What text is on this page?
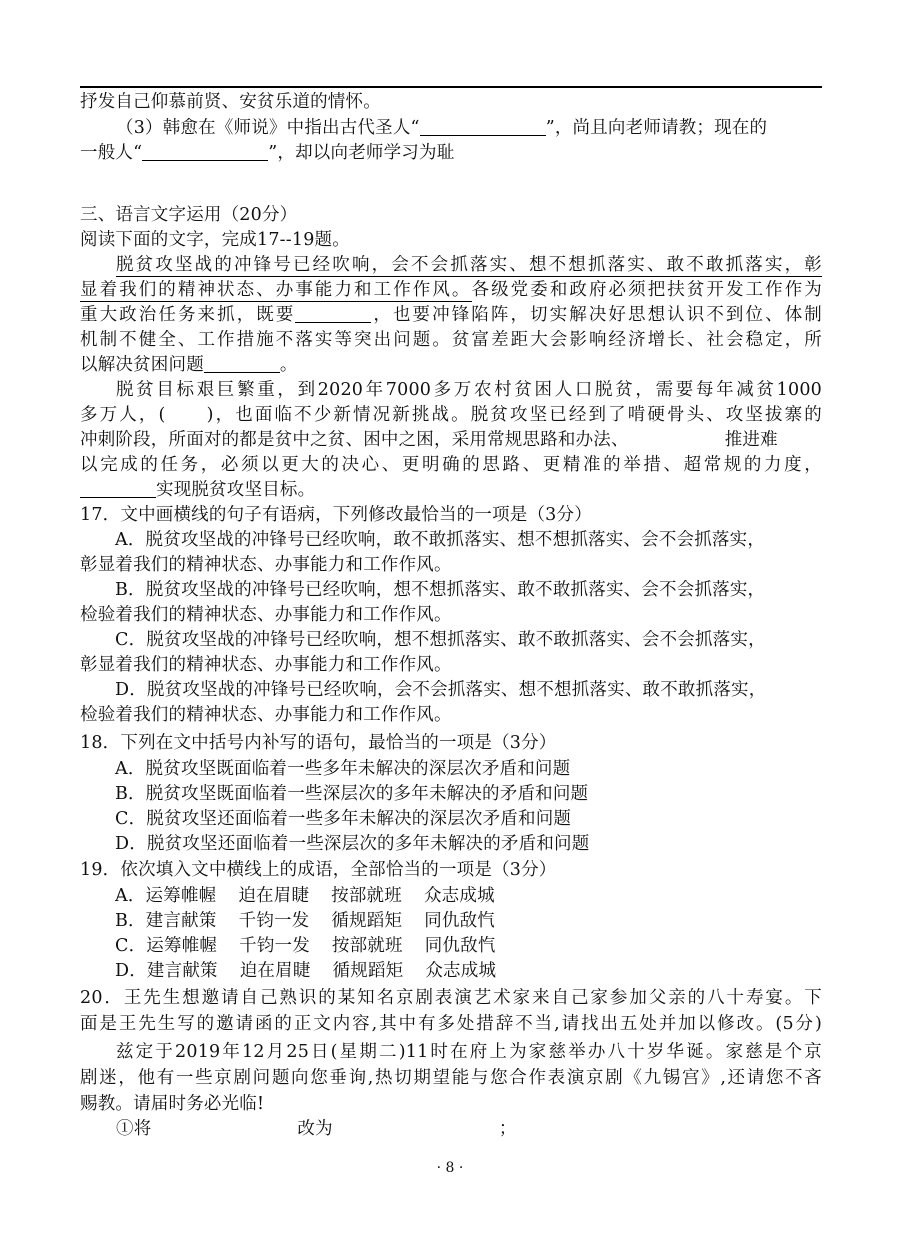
抒发自己仰慕前贤、安贫乐道的情怀。
（3）韩愈在《师说》中指出古代圣人“	”，尚且向老师请教；现在的
一般人“	”，却以向老师学习为耻
三、语言文字运用（20分）
阅读下面的文字，完成17--19题。
脱贫攻坚战的冲锋号已经吹响，会不会抓落实、想不想抓落实、敢不敢抓落实，彰
显着我们的精神状态、办事能力和工作作风。各级党委和政府必须把扶贫开发工作作为
重大政治任务来抓，既要	，也要冲锋陷阵，切实解决好思想认识不到位、体制
机制不健全、工作措施不落实等突出问题。贫富差距大会影响经济增长、社会稳定，所
以解决贫困问题	。
脱贫目标艰巨繁重，到2020年7000多万农村贫困人口脱贫，需要每年减贫1000
多万人，(　　)，也面临不少新情况新挑战。脱贫攻坚已经到了啃硬骨头、攻坚拔寨的
冲刺阶段，所面对的都是贫中之贫、困中之困，采用常规思路和办法、	推进难
以完成的任务，必须以更大的决心、更明确的思路、更精准的举措、超常规的力度，
实现脱贫攻坚目标。
17．文中画横线的句子有语病，下列修改最恰当的一项是（3分）
A．脱贫攻坚战的冲锋号已经吹响，敢不敢抓落实、想不想抓落实、会不会抓落实，
彰显着我们的精神状态、办事能力和工作作风。
B．脱贫攻坚战的冲锋号已经吹响，想不想抓落实、敢不敢抓落实、会不会抓落实，
检验着我们的精神状态、办事能力和工作作风。
C．脱贫攻坚战的冲锋号已经吹响，想不想抓落实、敢不敢抓落实、会不会抓落实，
彰显着我们的精神状态、办事能力和工作作风。
D．脱贫攻坚战的冲锋号已经吹响，会不会抓落实、想不想抓落实、敢不敢抓落实，
检验着我们的精神状态、办事能力和工作作风。
18．下列在文中括号内补写的语句，最恰当的一项是（3分）
A．脱贫攻坚既面临着一些多年未解决的深层次矛盾和问题
B．脱贫攻坚既面临着一些深层次的多年未解决的矛盾和问题
C．脱贫攻坚还面临着一些多年未解决的深层次矛盾和问题
D．脱贫攻坚还面临着一些深层次的多年未解决的矛盾和问题
19．依次填入文中横线上的成语，全部恰当的一项是（3分）
A．运筹帷幄 迫在眉睫 按部就班 众志成城
B．建言献策 千钧一发 循规蹈矩 同仇敌忾
C．运筹帷幄 千钧一发 按部就班 同仇敌忾
D．建言献策 迫在眉睫 循规蹈矩 众志成城
20．王先生想邀请自己熟识的某知名京剧表演艺术家来自己家参加父亲的八十寿宴。下
面是王先生写的邀请函的正文内容,其中有多处措辞不当,请找出五处并加以修改。(5分)
兹定于2019年12月25日(星期二)11时在府上为家慈举办八十岁华诞。家慈是个京
剧迷，他有一些京剧问题向您垂询,热切期望能与您合作表演京剧《九锡宫》,还请您不吝
赐教。请届时务必光临!
①将	改为	；
· 8 ·
